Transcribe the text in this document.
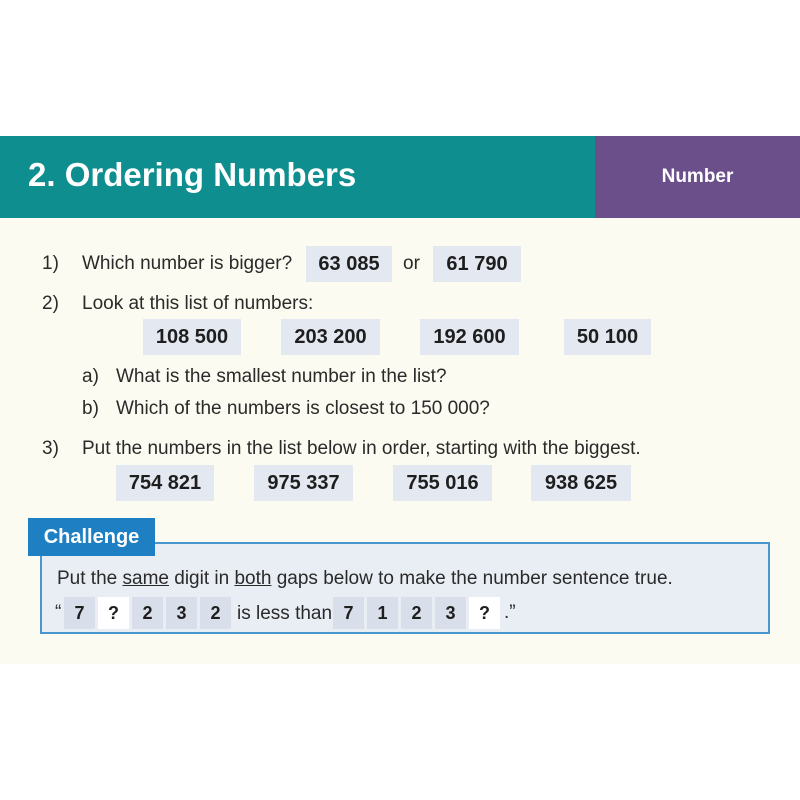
2. Ordering Numbers	Number
1) Which number is bigger?	63 085	or	61 790
2) Look at this list of numbers:
108 500	203 200	192 600	50 100
a) What is the smallest number in the list?
b) Which of the numbers is closest to 150 000?
3) Put the numbers in the list below in order, starting with the biggest.
754 821	975 337	755 016	938 625
Challenge
Put the same digit in both gaps below to make the number sentence true.
“ 7	?	2	3	2 is less than 7	1	2	3	? .”
